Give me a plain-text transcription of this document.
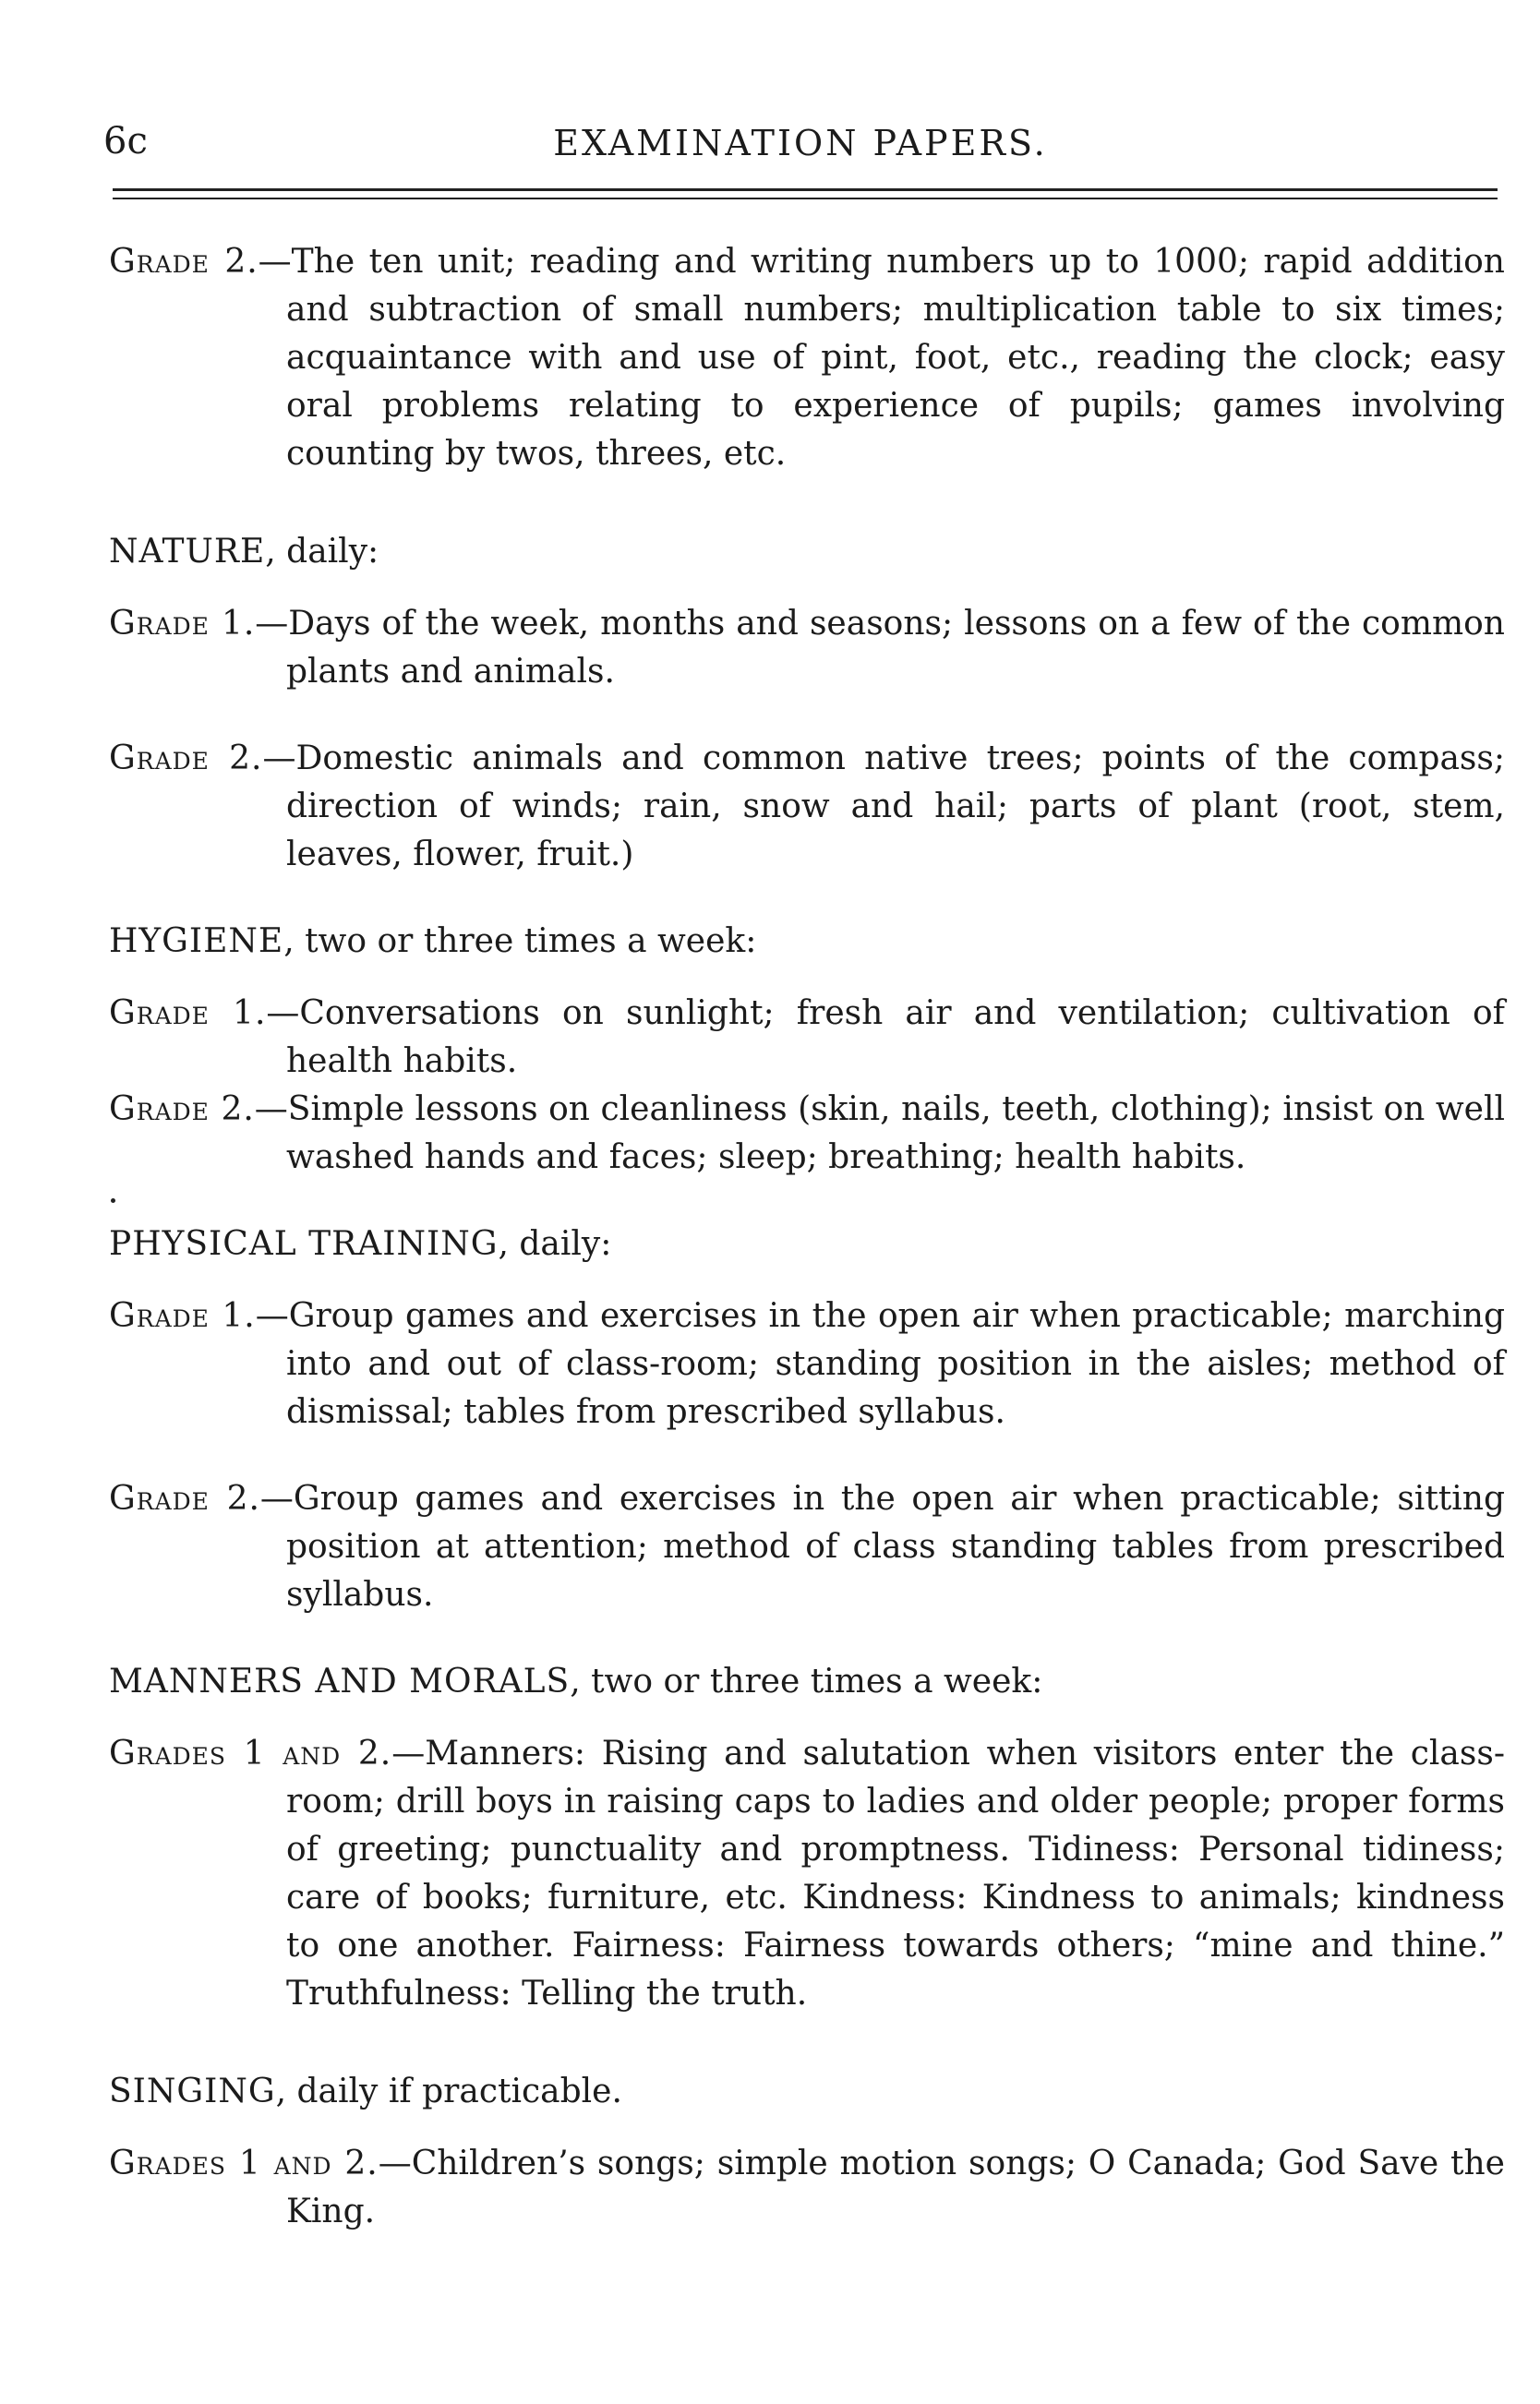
6c	EXAMINATION PAPERS.

Grade 2.—The ten unit; reading and writing numbers up to 1000; rapid addition and subtraction of small numbers; multiplication table to six times; acquaintance with and use of pint, foot, etc., reading the clock; easy oral problems relating to experience of pupils; games involving counting by twos, threes, etc.

NATURE, daily:

Grade 1.—Days of the week, months and seasons; lessons on a few of the common plants and animals.

Grade 2.—Domestic animals and common native trees; points of the compass; direction of winds; rain, snow and hail; parts of plant (root, stem, leaves, flower, fruit.)

HYGIENE, two or three times a week:

Grade 1.—Conversations on sunlight; fresh air and ventilation; cultivation of health habits.

Grade 2.—Simple lessons on cleanliness (skin, nails, teeth, clothing); insist on well washed hands and faces; sleep; breathing; health habits.

PHYSICAL TRAINING, daily:

Grade 1.—Group games and exercises in the open air when practicable; marching into and out of class-room; standing position in the aisles; method of dismissal; tables from prescribed syllabus.

Grade 2.—Group games and exercises in the open air when practicable; sitting position at attention; method of class standing tables from prescribed syllabus.

MANNERS AND MORALS, two or three times a week:

Grades 1 and 2.—Manners: Rising and salutation when visitors enter the class-room; drill boys in raising caps to ladies and older people; proper forms of greeting; punctuality and promptness. Tidiness: Personal tidiness; care of books; furniture, etc. Kindness: Kindness to animals; kindness to one another. Fairness: Fairness towards others; “mine and thine.” Truthfulness: Telling the truth.

SINGING, daily if practicable.

Grades 1 and 2.—Children’s songs; simple motion songs; O Canada; God Save the King.
